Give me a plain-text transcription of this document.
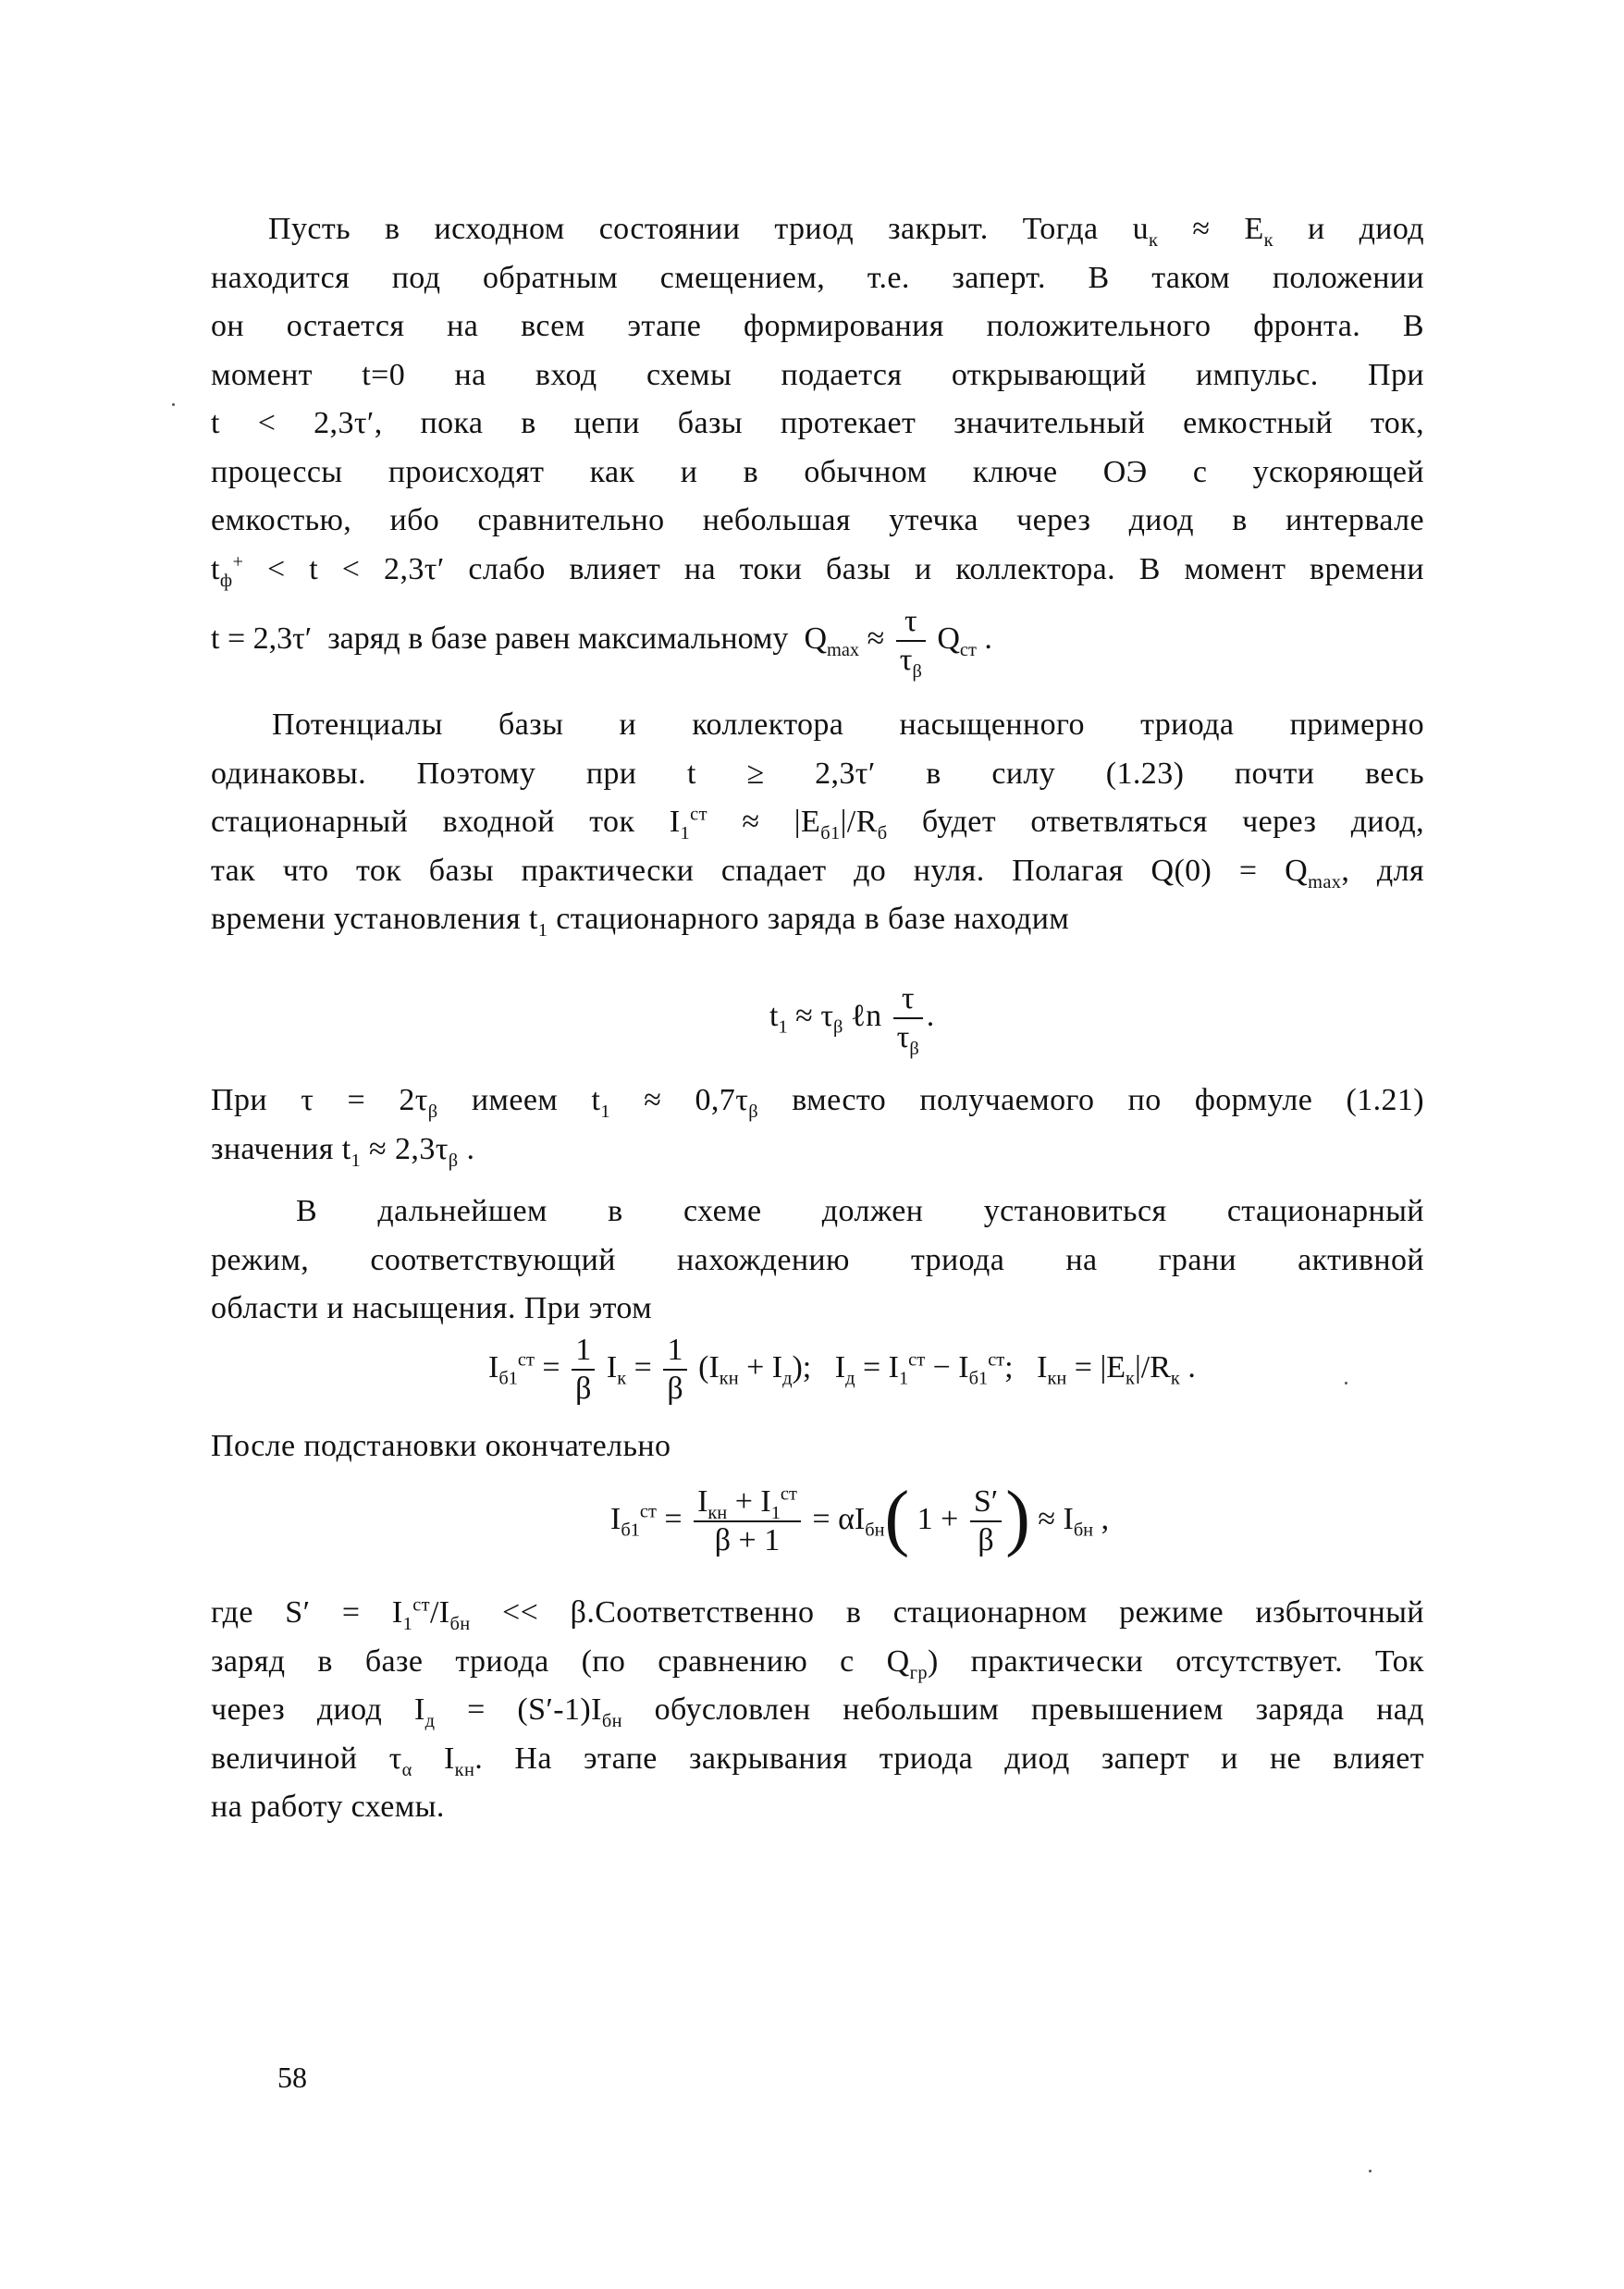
Пусть в исходном состоянии триод закрыт. Тогда $u_к \approx E_к$ и диод
находится под обратным смещением, т.е. заперт. В таком положении
он остается на всем этапе формирования положительного фронта. В
момент t=0 на вход схемы подается открывающий импульс. При
t < 2,3τ′, пока в цепи базы протекает значительный емкостный ток,
процессы происходят как и в обычном ключе ОЭ с ускоряющей
емкостью, ибо сравнительно небольшая утечка через диод в интервале
$t_ф^+ < t < 2,3\tau'$ слабо влияет на токи базы и коллектора. В момент времени
t = 2,3τ′ заряд в базе равен максимальному $Q_{max} \approx \frac{\tau}{\tau_\beta} Q_{ст}$ .
Потенциалы базы и коллектора насыщенного триода примерно
одинаковы. Поэтому при t ≥ 2,3τ′ в силу (1.23) почти весь
стационарный входной ток $I_1^{ст} \approx |E_{б1}|/R_б$ будет ответвляться через диод,
так что ток базы практически спадает до нуля. Полагая $Q(0) = Q_{max}$, для
времени установления $t_1$ стационарного заряда в базе находим
$t_1 \approx \tau_\beta$ ℓn $\frac{\tau}{\tau_\beta}$ .
При $\tau = 2\tau_\beta$ имеем $t_1 \approx 0,7\tau_\beta$ вместо получаемого по формуле (1.21)
значения $t_1 \approx 2,3\tau_\beta$ .
В дальнейшем в схеме должен установиться стационарный
режим, соответствующий нахождению триода на грани активной
области и насыщения. При этом
$I_{б1}^{ст} = \frac{1}{\beta} I_к = \frac{1}{\beta} (I_{кн} + I_д)$;   $I_д = I_1^{ст} - I_{б1}^{ст}$;   $I_{кн} = |E_к|/R_к$ .
После подстановки окончательно
$I_{б1}^{ст} = \frac{I_{кн} + I_1^{ст}}{\beta + 1} = \alpha I_{бн}$( $1 + \frac{S'}{\beta}$ ) ≈ $I_{бн}$ ,
где $S' = I_1^{ст}/I_{бн}$ << β.Соответственно в стационарном режиме избыточный
заряд в базе триода (по сравнению с $Q_{гр}$) практически отсутствует. Ток
через диод $I_д = (S'-1)I_{бн}$ обусловлен небольшим превышением заряда над
величиной $\tau_\alpha$ $I_{кн}$. На этапе закрывания триода диод заперт и не влияет
на работу схемы.
58
